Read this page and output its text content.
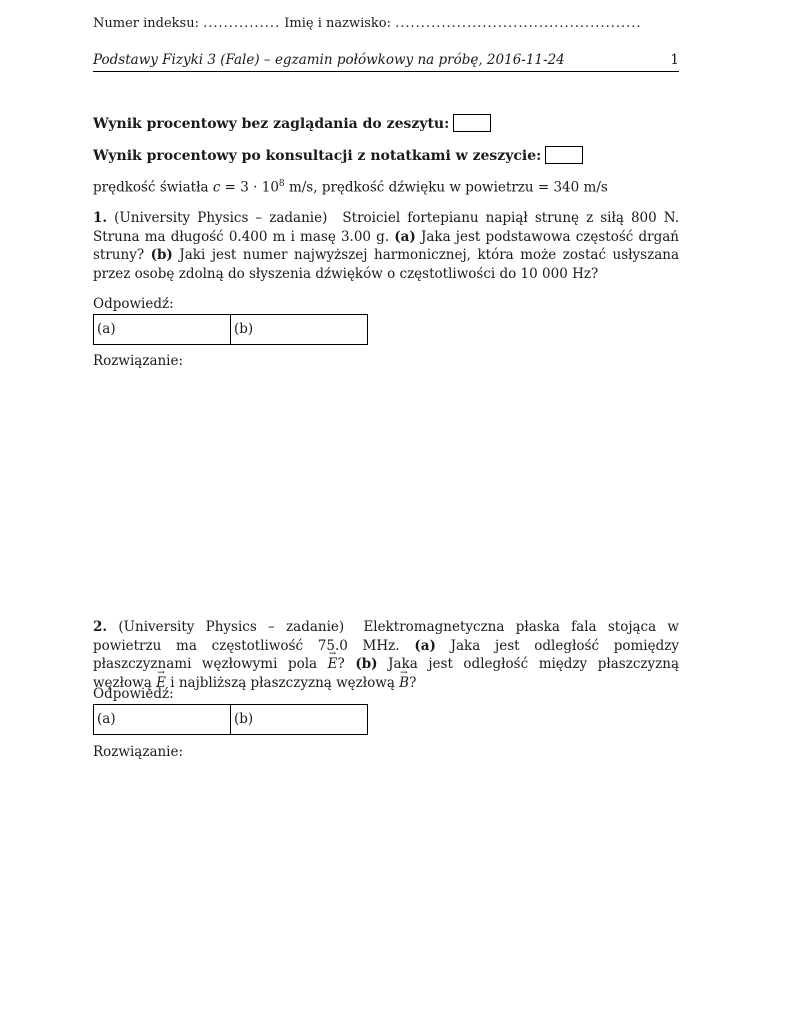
Numer indeksu: ............... Imię i nazwisko: ................................................
Podstawy Fizyki 3 (Fale) – egzamin połówkowy na próbę, 2016-11-24	1
Wynik procentowy bez zaglądania do zeszytu:
Wynik procentowy po konsultacji z notatkami w zeszycie:
prędkość światła $c = 3 \cdot 10^8$ m/s, prędkość dźwięku w powietrzu = 340 m/s
1. (University Physics – zadanie) Stroiciel fortepianu napiął strunę z siłą 800 N. Struna ma długość 0.400 m i masę 3.00 g. (a) Jaka jest podstawowa częstość drgań struny? (b) Jaki jest numer najwyższej harmonicznej, która może zostać usłyszana przez osobę zdolną do słyszenia dźwięków o częstotliwości do 10 000 Hz?
Odpowiedź:
(a)	(b)
Rozwiązanie:
2. (University Physics – zadanie) Elektromagnetyczna płaska fala stojąca w powietrzu ma częstotliwość 75.0 MHz. (a) Jaka jest odległość pomiędzy płaszczyznami węzłowymi pola → E? (b) Jaka jest odległość między płaszczyzną węzłową → E i najbliższą płaszczyzną węzłową → B?
Odpowiedź:
(a)	(b)
Rozwiązanie:
